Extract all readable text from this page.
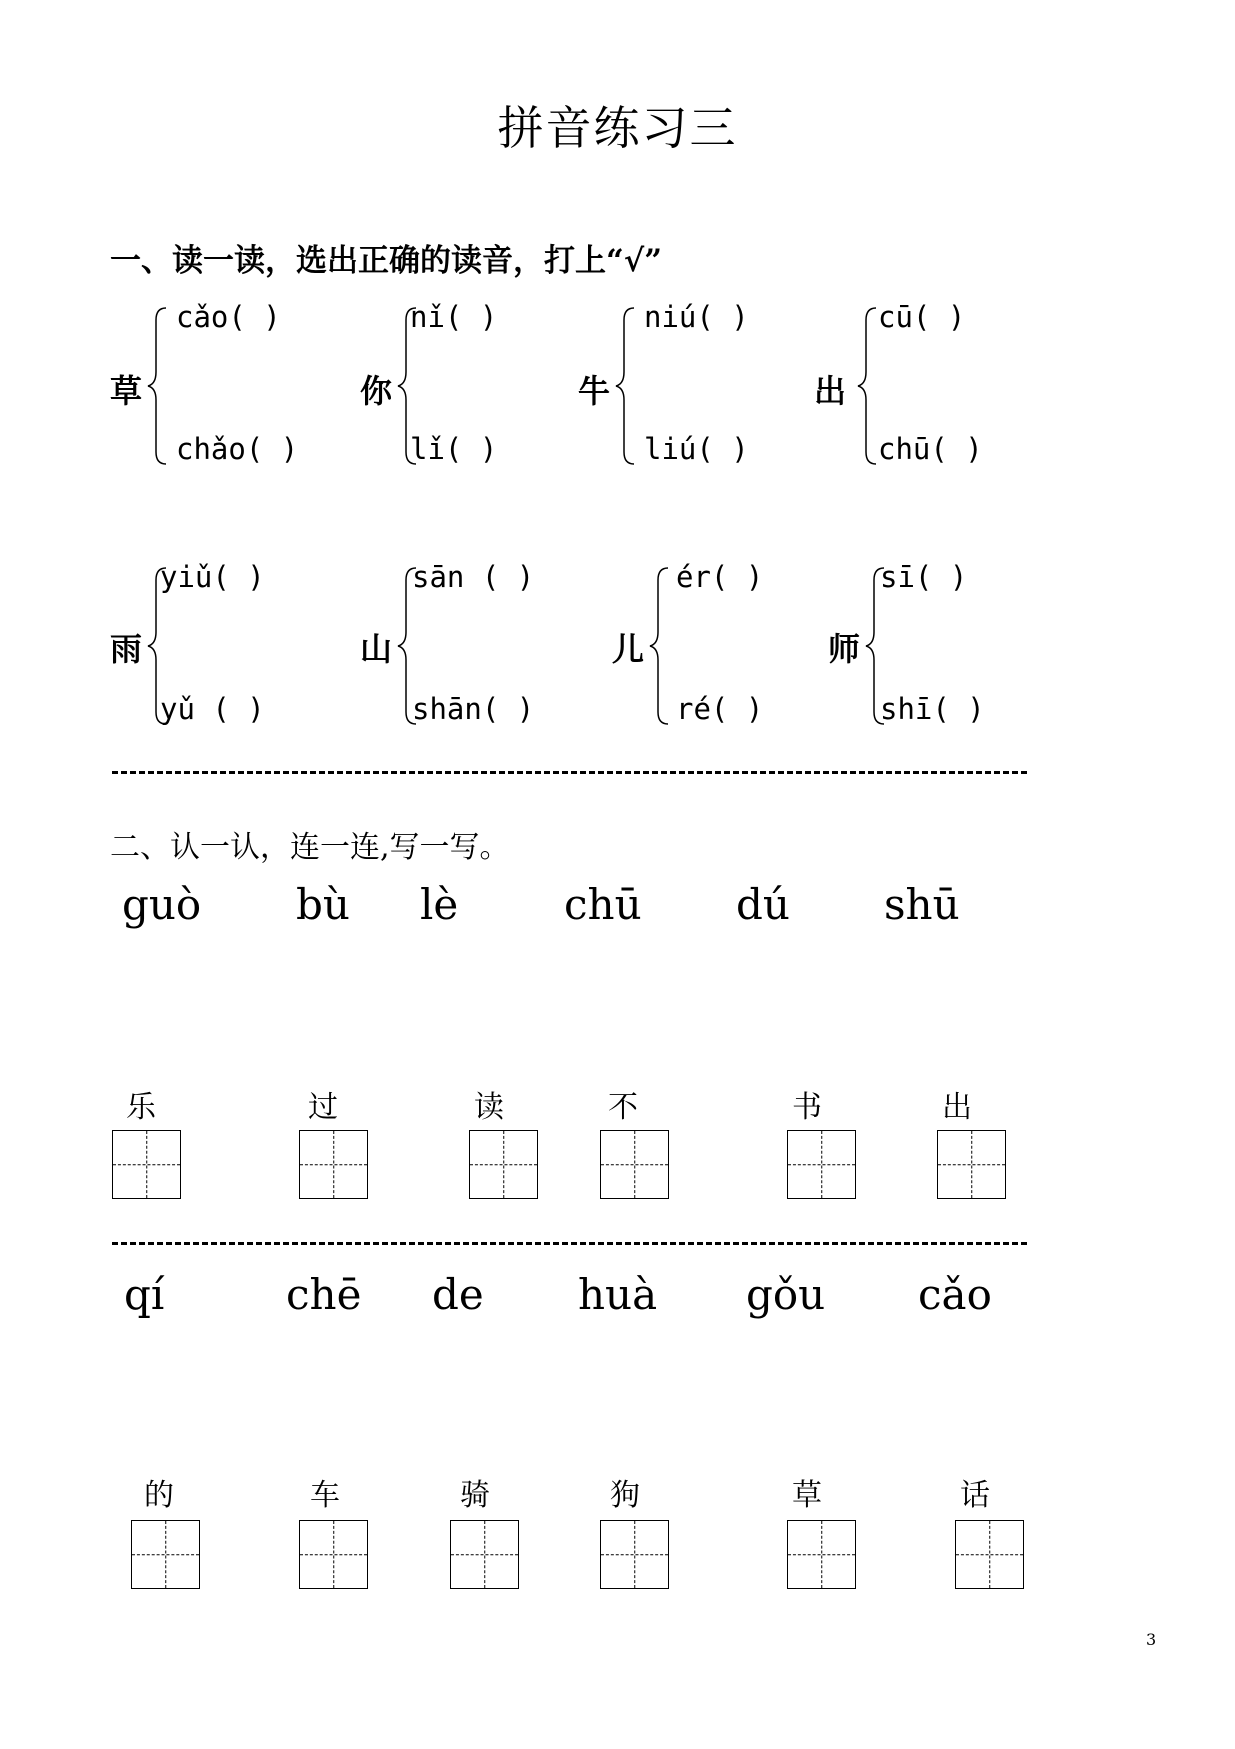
拼音练习三
一、读一读，选出正确的读音，打上“√”
草
cǎo( )
chǎo( )
你
nǐ( )
lǐ( )
牛
niú( )
liú( )
出
cū( )
chū( )
雨
yiǔ( )
yǔ ( )
山
sān ( )
shān( )
儿
ér( )
ré( )
师
sī( )
shī( )
二、认一认，连一连,写一写。
guò bù lè	chū dú shū
乐	过	读	不	书	出
qí	chē de huà gǒu cǎo
的	车	骑	狗	草	话
3
